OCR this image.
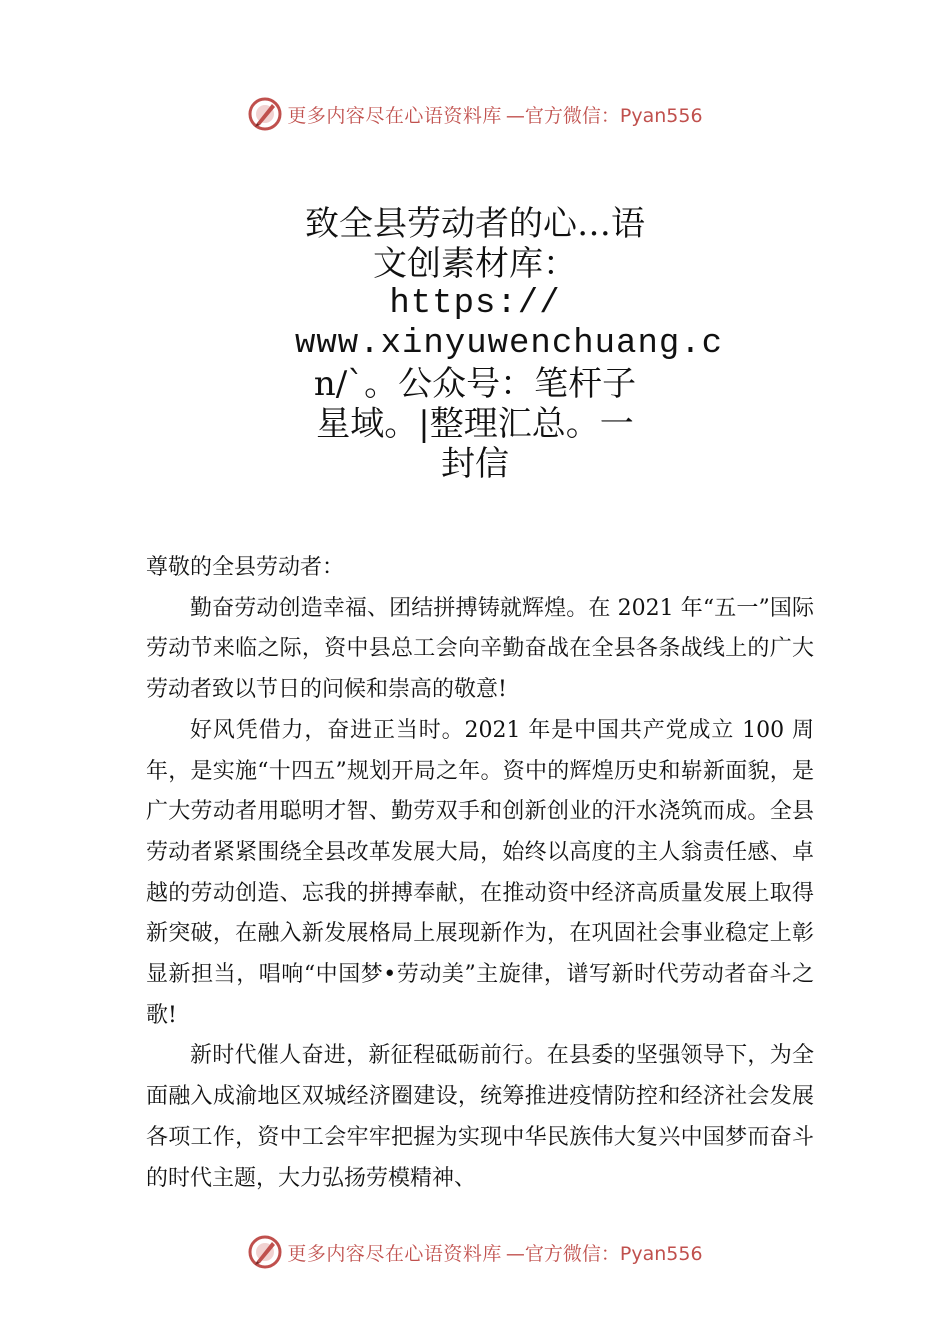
更多内容尽在心语资料库 —官方微信：Pyan556
致全县劳动者的心…语
文创素材库：
https://
www.xinyuwenchuang.c
n/`。公众号：笔杆子
星域。|整理汇总。一
封信

尊敬的全县劳动者：

勤奋劳动创造幸福、团结拼搏铸就辉煌。在 2021 年“五一”国际劳动节来临之际，资中县总工会向辛勤奋战在全县各条战线上的广大劳动者致以节日的问候和崇高的敬意!

好风凭借力，奋进正当时。2021 年是中国共产党成立 100 周年，是实施“十四五”规划开局之年。资中的辉煌历史和崭新面貌，是广大劳动者用聪明才智、勤劳双手和创新创业的汗水浇筑而成。全县劳动者紧紧围绕全县改革发展大局，始终以高度的主人翁责任感、卓越的劳动创造、忘我的拼搏奉献，在推动资中经济高质量发展上取得新突破，在融入新发展格局上展现新作为，在巩固社会事业稳定上彰显新担当，唱响“中国梦•劳动美”主旋律，谱写新时代劳动者奋斗之歌!

新时代催人奋进，新征程砥砺前行。在县委的坚强领导下，为全面融入成渝地区双城经济圈建设，统筹推进疫情防控和经济社会发展各项工作，资中工会牢牢把握为实现中华民族伟大复兴中国梦而奋斗的时代主题，大力弘扬劳模精神、

更多内容尽在心语资料库 —官方微信：Pyan556
